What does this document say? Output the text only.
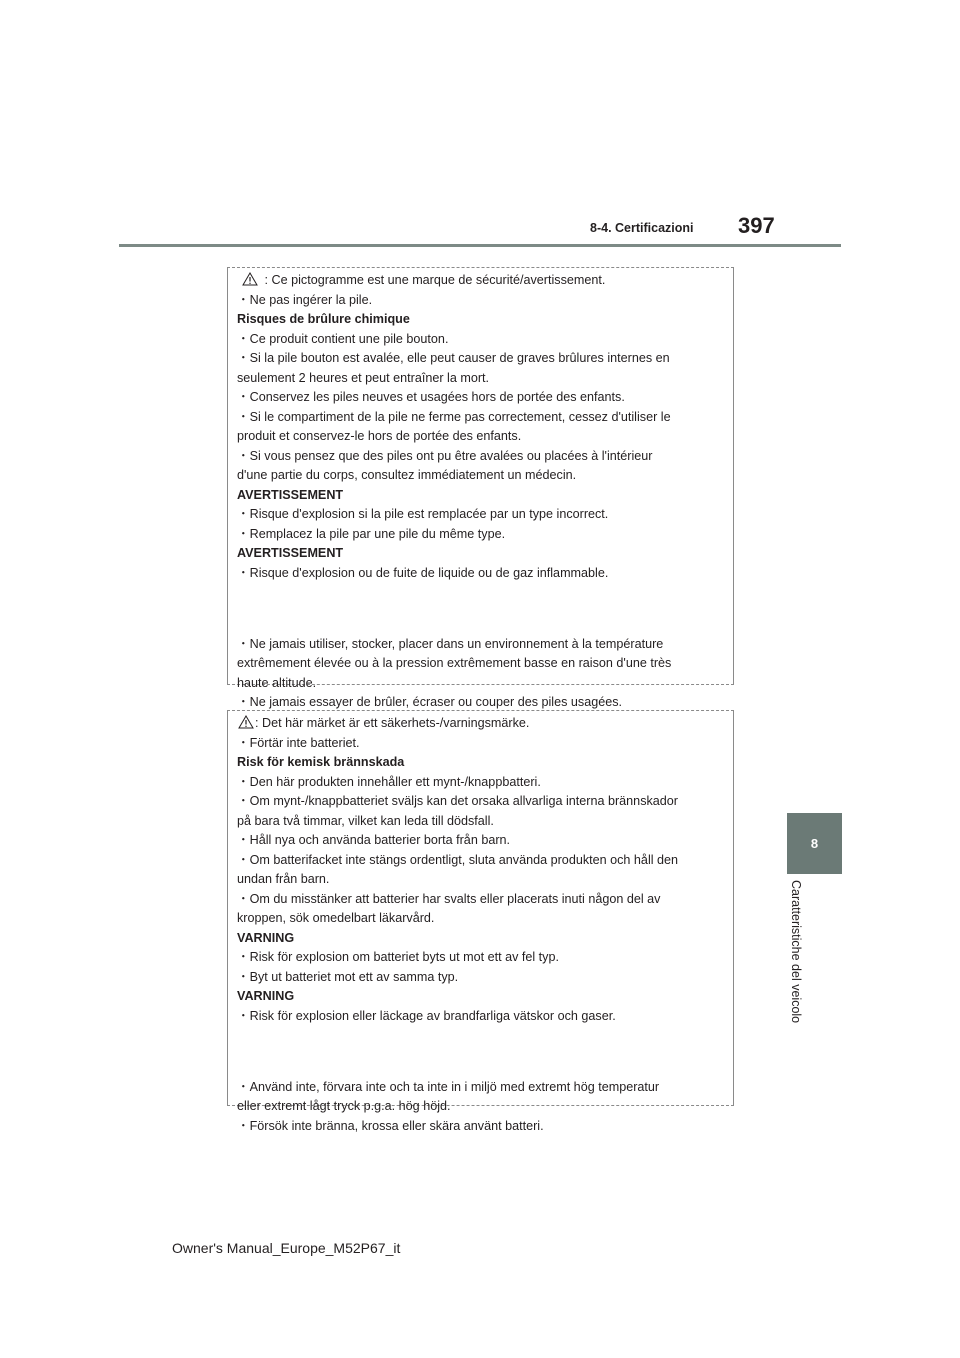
8-4. Certificazioni 397
8
Caratteristiche del veicolo

: Ce pictogramme est une marque de sécurité/avertissement.

・Ne pas ingérer la pile.

Risques de brûlure chimique

・Ce produit contient une pile bouton.

・Si la pile bouton est avalée, elle peut causer de graves brûlures internes en

seulement 2 heures et peut entraîner la mort.

・Conservez les piles neuves et usagées hors de portée des enfants.

・Si le compartiment de la pile ne ferme pas correctement, cessez d'utiliser le

produit et conservez-le hors de portée des enfants.

・Si vous pensez que des piles ont pu être avalées ou placées à l'intérieur

d'une partie du corps, consultez immédiatement un médecin.

AVERTISSEMENT

・Risque d'explosion si la pile est remplacée par un type incorrect.

・Remplacez la pile par une pile du même type.

AVERTISSEMENT

・Risque d'explosion ou de fuite de liquide ou de gaz inflammable.

・Ne jamais utiliser, stocker, placer dans un environnement à la température

extrêmement élevée ou à la pression extrêmement basse en raison d'une très

haute altitude.

・Ne jamais essayer de brûler, écraser ou couper des piles usagées.

: Det här märket är ett säkerhets-/varningsmärke.

・Förtär inte batteriet.

Risk för kemisk brännskada

・Den här produkten innehåller ett mynt-/knappbatteri.

・Om mynt-/knappbatteriet sväljs kan det orsaka allvarliga interna brännskador

på bara två timmar, vilket kan leda till dödsfall.

・Håll nya och använda batterier borta från barn.

・Om batterifacket inte stängs ordentligt, sluta använda produkten och håll den

undan från barn.

・Om du misstänker att batterier har svalts eller placerats inuti någon del av

kroppen, sök omedelbart läkarvård.

VARNING

・Risk för explosion om batteriet byts ut mot ett av fel typ.

・Byt ut batteriet mot ett av samma typ.

VARNING

・Risk för explosion eller läckage av brandfarliga vätskor och gaser.

・Använd inte, förvara inte och ta inte in i miljö med extremt hög temperatur

eller extremt lågt tryck p.g.a. hög höjd.

・Försök inte bränna, krossa eller skära använt batteri.

Owner's Manual_Europe_M52P67_it
